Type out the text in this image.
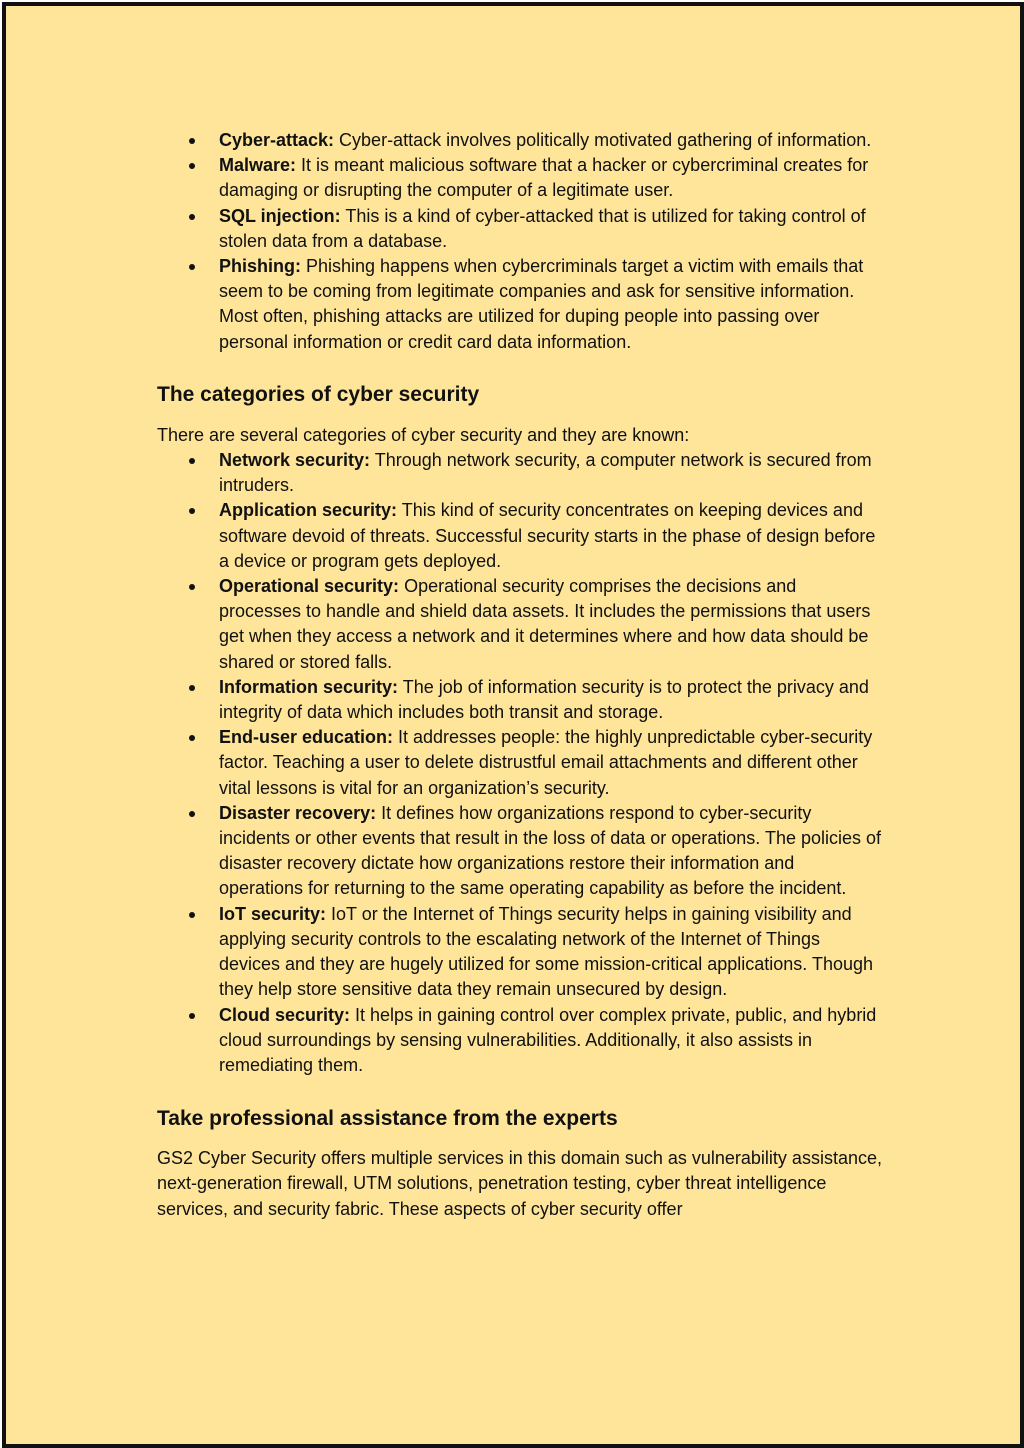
Cyber-attack: Cyber-attack involves politically motivated gathering of information.
Malware: It is meant malicious software that a hacker or cybercriminal creates for damaging or disrupting the computer of a legitimate user.
SQL injection: This is a kind of cyber-attacked that is utilized for taking control of stolen data from a database.
Phishing: Phishing happens when cybercriminals target a victim with emails that seem to be coming from legitimate companies and ask for sensitive information. Most often, phishing attacks are utilized for duping people into passing over personal information or credit card data information.
The categories of cyber security

There are several categories of cyber security and they are known:

Network security: Through network security, a computer network is secured from intruders.
Application security: This kind of security concentrates on keeping devices and software devoid of threats. Successful security starts in the phase of design before a device or program gets deployed.
Operational security: Operational security comprises the decisions and processes to handle and shield data assets. It includes the permissions that users get when they access a network and it determines where and how data should be shared or stored falls.
Information security: The job of information security is to protect the privacy and integrity of data which includes both transit and storage.
End-user education: It addresses people: the highly unpredictable cyber-security factor. Teaching a user to delete distrustful email attachments and different other vital lessons is vital for an organization’s security.
Disaster recovery: It defines how organizations respond to cyber-security incidents or other events that result in the loss of data or operations. The policies of disaster recovery dictate how organizations restore their information and operations for returning to the same operating capability as before the incident.
IoT security: IoT or the Internet of Things security helps in gaining visibility and applying security controls to the escalating network of the Internet of Things devices and they are hugely utilized for some mission-critical applications. Though they help store sensitive data they remain unsecured by design.
Cloud security: It helps in gaining control over complex private, public, and hybrid cloud surroundings by sensing vulnerabilities. Additionally, it also assists in remediating them.
Take professional assistance from the experts

GS2 Cyber Security offers multiple services in this domain such as vulnerability assistance, next-generation firewall, UTM solutions, penetration testing, cyber threat intelligence services, and security fabric. These aspects of cyber security offer
